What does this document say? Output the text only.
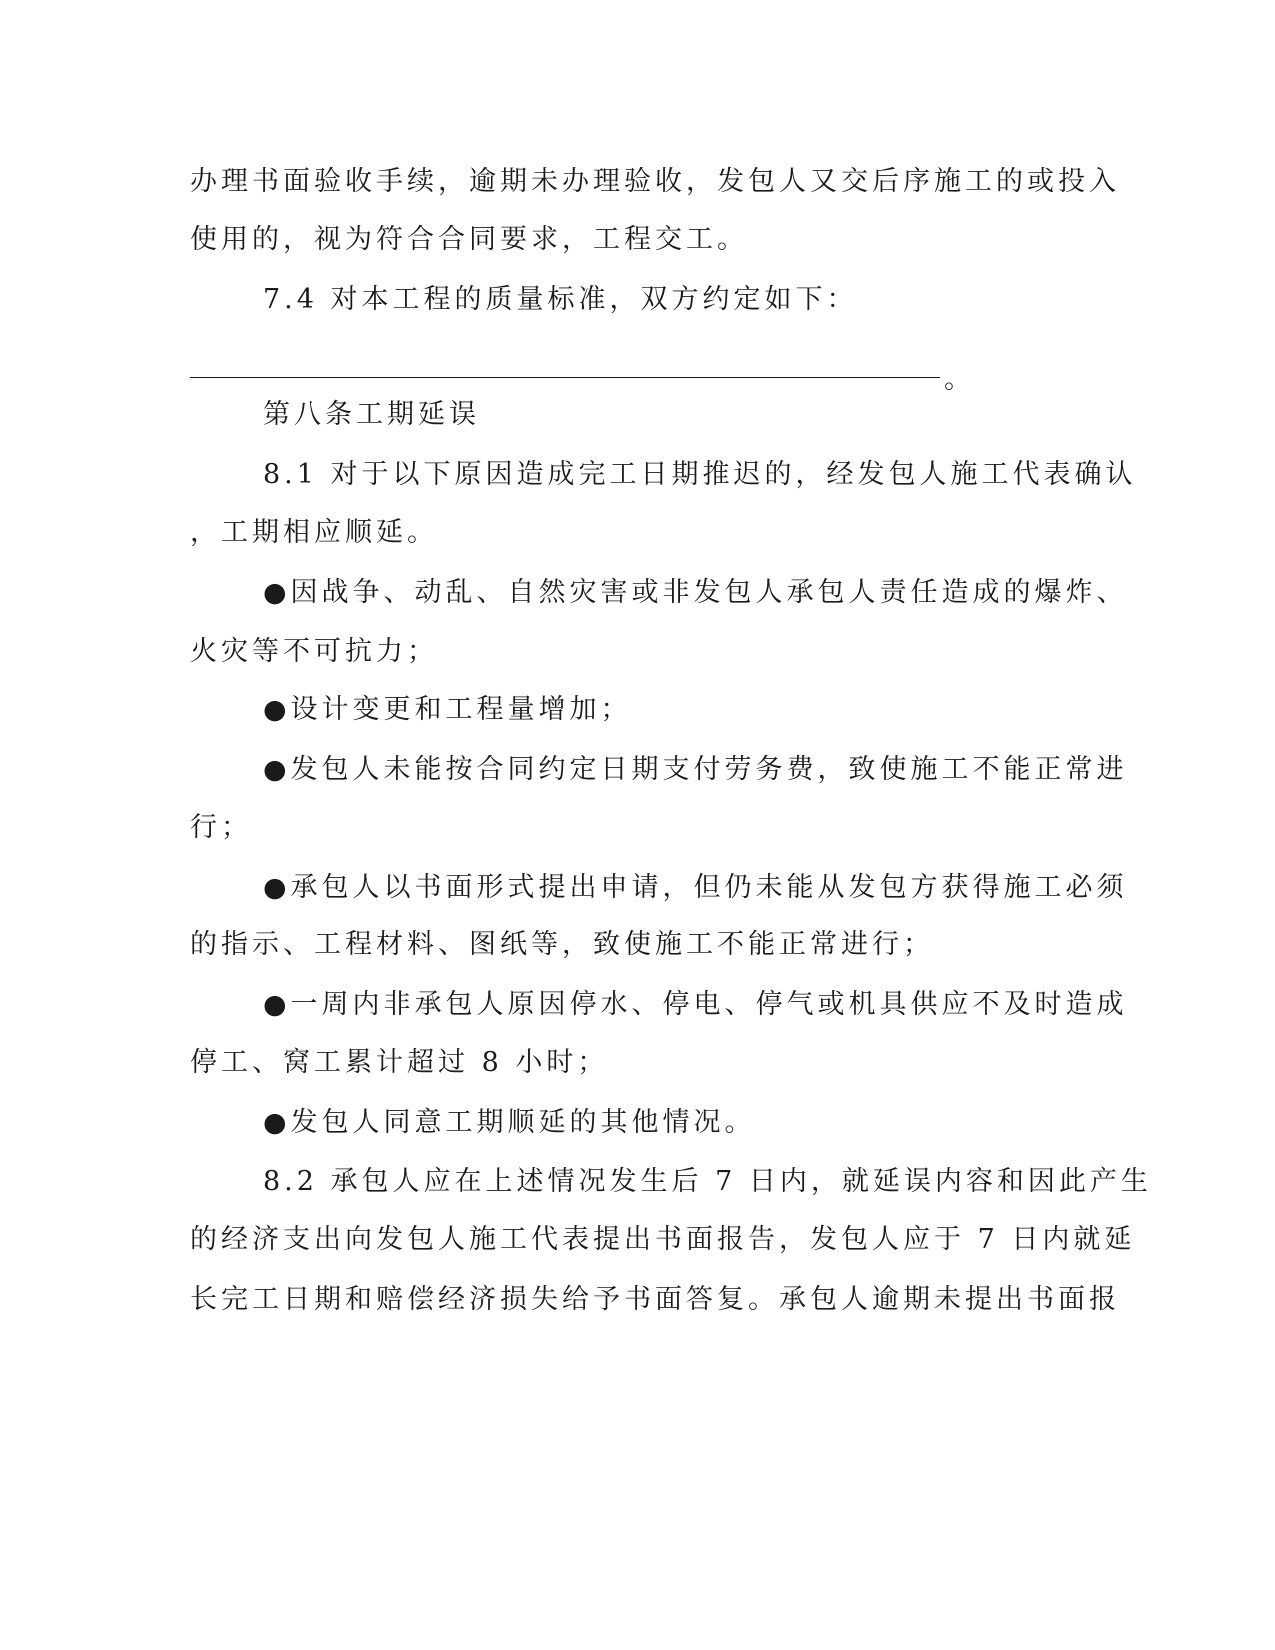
办理书面验收手续，逾期未办理验收，发包人又交后序施工的或投入
使用的，视为符合合同要求，工程交工。
7.4 对本工程的质量标准，双方约定如下：
。
第八条工期延误
8.1 对于以下原因造成完工日期推迟的，经发包人施工代表确认
，工期相应顺延。
●因战争、动乱、自然灾害或非发包人承包人责任造成的爆炸、
火灾等不可抗力；
●设计变更和工程量增加；
●发包人未能按合同约定日期支付劳务费，致使施工不能正常进
行；
●承包人以书面形式提出申请，但仍未能从发包方获得施工必须
的指示、工程材料、图纸等，致使施工不能正常进行；
●一周内非承包人原因停水、停电、停气或机具供应不及时造成
停工、窝工累计超过 8 小时；
●发包人同意工期顺延的其他情况。
8.2 承包人应在上述情况发生后 7 日内，就延误内容和因此产生
的经济支出向发包人施工代表提出书面报告，发包人应于 7 日内就延
长完工日期和赔偿经济损失给予书面答复。承包人逾期未提出书面报
